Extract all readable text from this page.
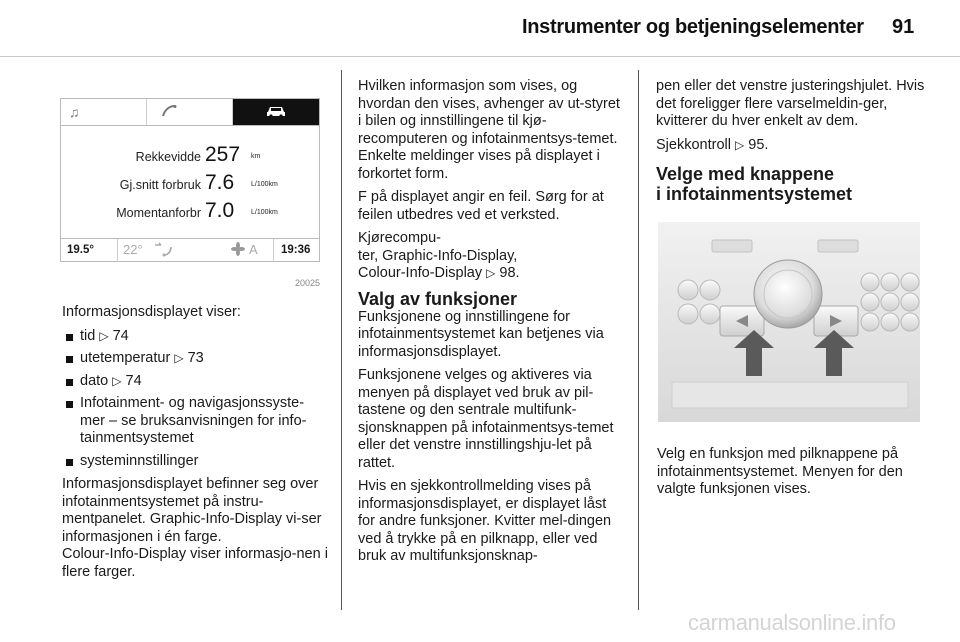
Instrumenter og betjeningselementer 91
♫
Rekkevidde 257 km
Gj.snitt forbruk 7.6 L/100km
Momentanforbr 7.0 L/100km
19.5° 22°	A 19:36
20025

Informasjonsdisplayet viser:

tid ▷ 74
utetemperatur ▷ 73
dato ▷ 74
Infotainment- og navigasjonssyste-mer – se bruksanvisningen for info-tainmentsystemet
systeminnstillinger

Informasjonsdisplayet befinner seg over infotainmentsystemet på instru-mentpanelet. Graphic-Info-Display vi-ser informasjonen i én farge.

Colour-Info-Display viser informasjo-nen i flere farger.

Hvilken informasjon som vises, og hvordan den vises, avhenger av ut-styret i bilen og innstillingene til kjø-recomputeren og infotainmentsys-temet. Enkelte meldinger vises på displayet i forkortet form.

F på displayet angir en feil. Sørg for at feilen utbedres ved et verksted.

Kjørecompu-
ter, Graphic-Info-Display,
Colour-Info-Display ▷ 98.

Valg av funksjoner

Funksjonene og innstillingene for infotainmentsystemet kan betjenes via informasjonsdisplayet.

Funksjonene velges og aktiveres via menyen på displayet ved bruk av pil-tastene og den sentrale multifunk-sjonsknappen på infotainmentsys-temet eller det venstre innstillingshju-let på rattet.

Hvis en sjekkontrollmelding vises på informasjonsdisplayet, er displayet låst for andre funksjoner. Kvitter mel-dingen ved å trykke på en pilknapp, eller ved bruk av multifunksjonsknap-

pen eller det venstre justeringshjulet. Hvis det foreligger flere varselmeldin-ger, kvitterer du hver enkelt av dem.

Sjekkontroll ▷ 95.

Velge med knappene
i infotainmentsystemet

Velg en funksjon med pilknappene på infotainmentsystemet. Menyen for den valgte funksjonen vises.

carmanualsonline.info
